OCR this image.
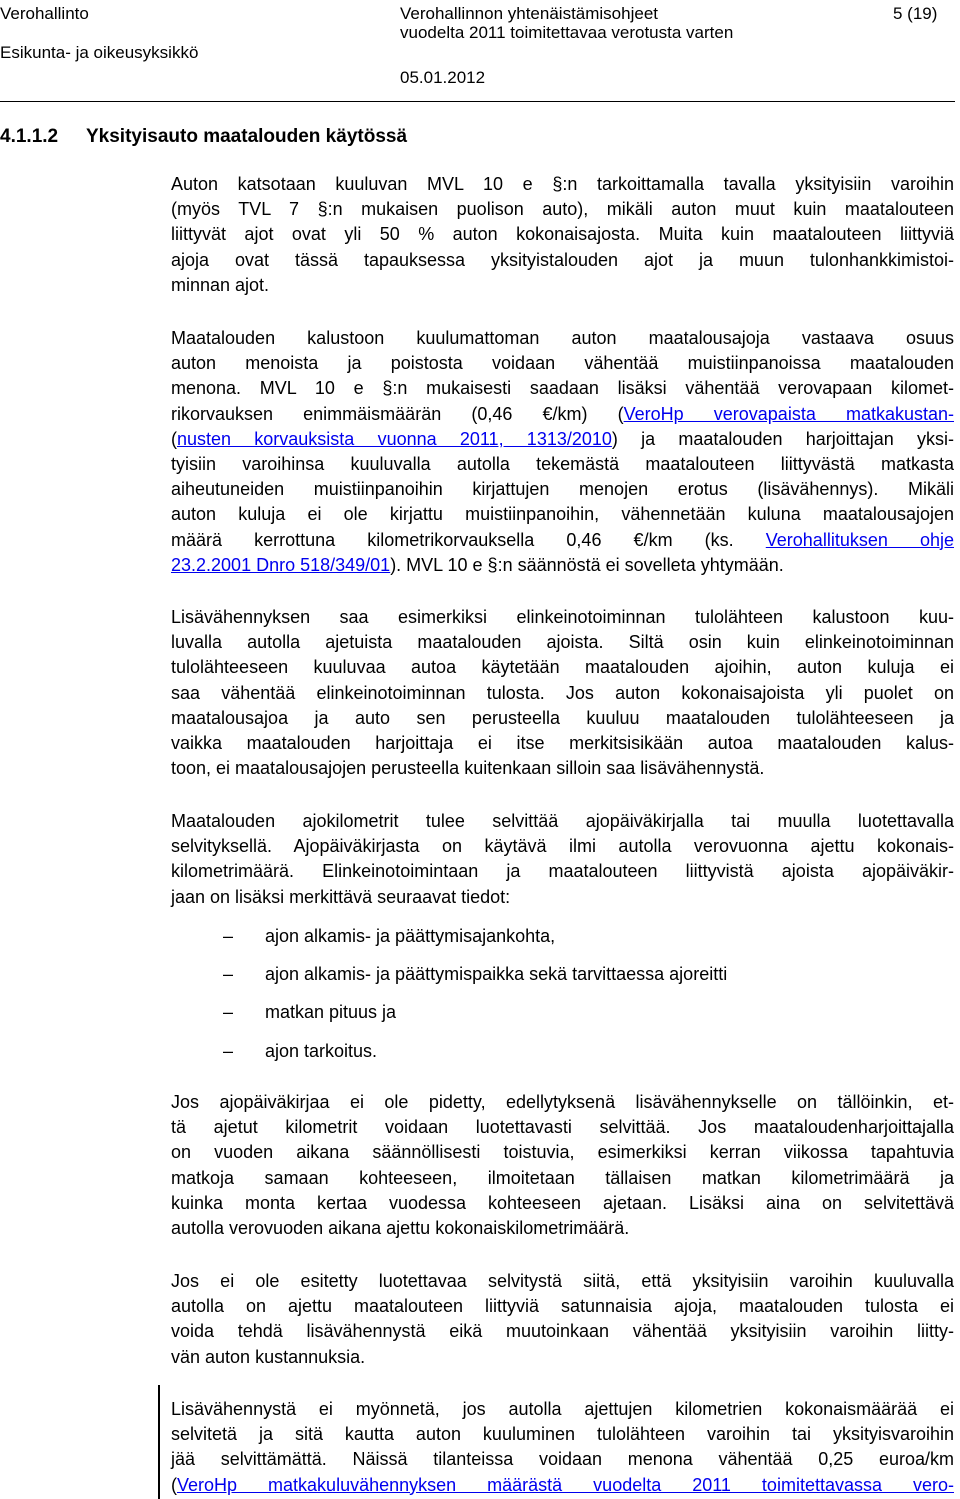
Verohallinto
Esikunta- ja oikeusyksikkö
Verohallinnon yhtenäistämisohjeet
vuodelta 2011 toimitettavaa verotusta varten
05.01.2012
5 (19)
4.1.1.2 Yksityisauto maatalouden käytössä
Auton katsotaan kuuluvan MVL 10 e §:n tarkoittamalla tavalla yksityisiin varoihin
(myös TVL 7 §:n mukaisen puolison auto), mikäli auton muut kuin maatalouteen
liittyvät ajot ovat yli 50 % auton kokonaisajosta. Muita kuin maatalouteen liittyviä
ajoja ovat tässä tapauksessa yksityistalouden ajot ja muun tulonhankkimistoi-
minnan ajot.
Maatalouden kalustoon kuulumattoman auton maatalousajoja vastaava osuus
auton menoista ja poistosta voidaan vähentää muistiinpanoissa maatalouden
menona. MVL 10 e §:n mukaisesti saadaan lisäksi vähentää verovapaan kilomet-
rikorvauksen enimmäismäärän (0,46 €/km) (VeroHp verovapaista matkakustan-
(nusten korvauksista vuonna 2011, 1313/2010) ja maatalouden harjoittajan yksi-
tyisiin varoihinsa kuuluvalla autolla tekemästä maatalouteen liittyvästä matkasta
aiheutuneiden muistiinpanoihin kirjattujen menojen erotus (lisävähennys). Mikäli
auton kuluja ei ole kirjattu muistiinpanoihin, vähennetään kuluna maatalousajojen
määrä kerrottuna kilometrikorvauksella 0,46 €/km (ks. Verohallituksen ohje
23.2.2001 Dnro 518/349/01). MVL 10 e §:n säännöstä ei sovelleta yhtymään.
Lisävähennyksen saa esimerkiksi elinkeinotoiminnan tulolähteen kalustoon kuu-
luvalla autolla ajetuista maatalouden ajoista. Siltä osin kuin elinkeinotoiminnan
tulolähteeseen kuuluvaa autoa käytetään maatalouden ajoihin, auton kuluja ei
saa vähentää elinkeinotoiminnan tulosta. Jos auton kokonaisajoista yli puolet on
maatalousajoa ja auto sen perusteella kuuluu maatalouden tulolähteeseen ja
vaikka maatalouden harjoittaja ei itse merkitsisikään autoa maatalouden kalus-
toon, ei maatalousajojen perusteella kuitenkaan silloin saa lisävähennystä.
Maatalouden ajokilometrit tulee selvittää ajopäiväkirjalla tai muulla luotettavalla
selvityksellä. Ajopäiväkirjasta on käytävä ilmi autolla verovuonna ajettu kokonais-
kilometrimäärä. Elinkeinotoimintaan ja maatalouteen liittyvistä ajoista ajopäiväkir-
jaan on lisäksi merkittävä seuraavat tiedot:
– ajon alkamis- ja päättymisajankohta,
– ajon alkamis- ja päättymispaikka sekä tarvittaessa ajoreitti
– matkan pituus ja
– ajon tarkoitus.
Jos ajopäiväkirjaa ei ole pidetty, edellytyksenä lisävähennykselle on tällöinkin, et-
tä ajetut kilometrit voidaan luotettavasti selvittää. Jos maataloudenharjoittajalla
on vuoden aikana säännöllisesti toistuvia, esimerkiksi kerran viikossa tapahtuvia
matkoja samaan kohteeseen, ilmoitetaan tällaisen matkan kilometrimäärä ja
kuinka monta kertaa vuodessa kohteeseen ajetaan. Lisäksi aina on selvitettävä
autolla verovuoden aikana ajettu kokonaiskilometrimäärä.
Jos ei ole esitetty luotettavaa selvitystä siitä, että yksityisiin varoihin kuuluvalla
autolla on ajettu maatalouteen liittyviä satunnaisia ajoja, maatalouden tulosta ei
voida tehdä lisävähennystä eikä muutoinkaan vähentää yksityisiin varoihin liitty-
vän auton kustannuksia.
Lisävähennystä ei myönnetä, jos autolla ajettujen kilometrien kokonaismäärää ei
selvitetä ja sitä kautta auton kuuluminen tulolähteen varoihin tai yksityisvaroihin
jää selvittämättä. Näissä tilanteissa voidaan menona vähentää 0,25 euroa/km
(VeroHp matkakuluvähennyksen määrästä vuodelta 2011 toimitettavassa vero-
